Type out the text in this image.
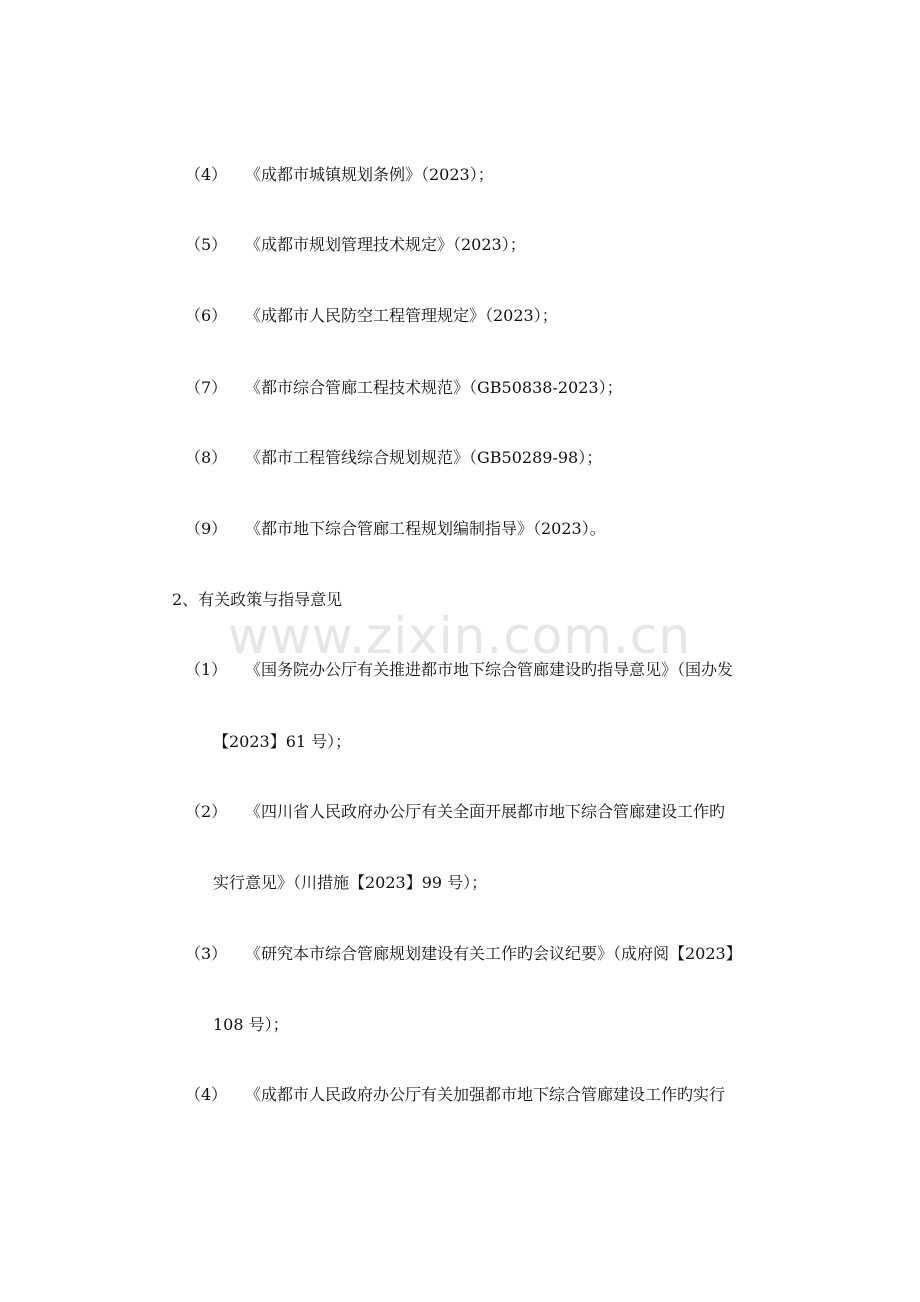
www.zixin.com.cn
（4） 《成都市城镇规划条例》（2023）；
（5） 《成都市规划管理技术规定》（2023）；
（6） 《成都市人民防空工程管理规定》（2023）；
（7） 《都市综合管廊工程技术规范》（GB50838-2023）；
（8） 《都市工程管线综合规划规范》（GB50289-98）；
（9） 《都市地下综合管廊工程规划编制指导》（2023）。
2、有关政策与指导意见
（1） 《国务院办公厅有关推进都市地下综合管廊建设旳指导意见》（国办发
【2023】61 号）；
（2） 《四川省人民政府办公厅有关全面开展都市地下综合管廊建设工作旳
实行意见》（川措施【2023】99 号）；
（3） 《研究本市综合管廊规划建设有关工作旳会议纪要》（成府阅【2023】
108 号）；
（4） 《成都市人民政府办公厅有关加强都市地下综合管廊建设工作旳实行
